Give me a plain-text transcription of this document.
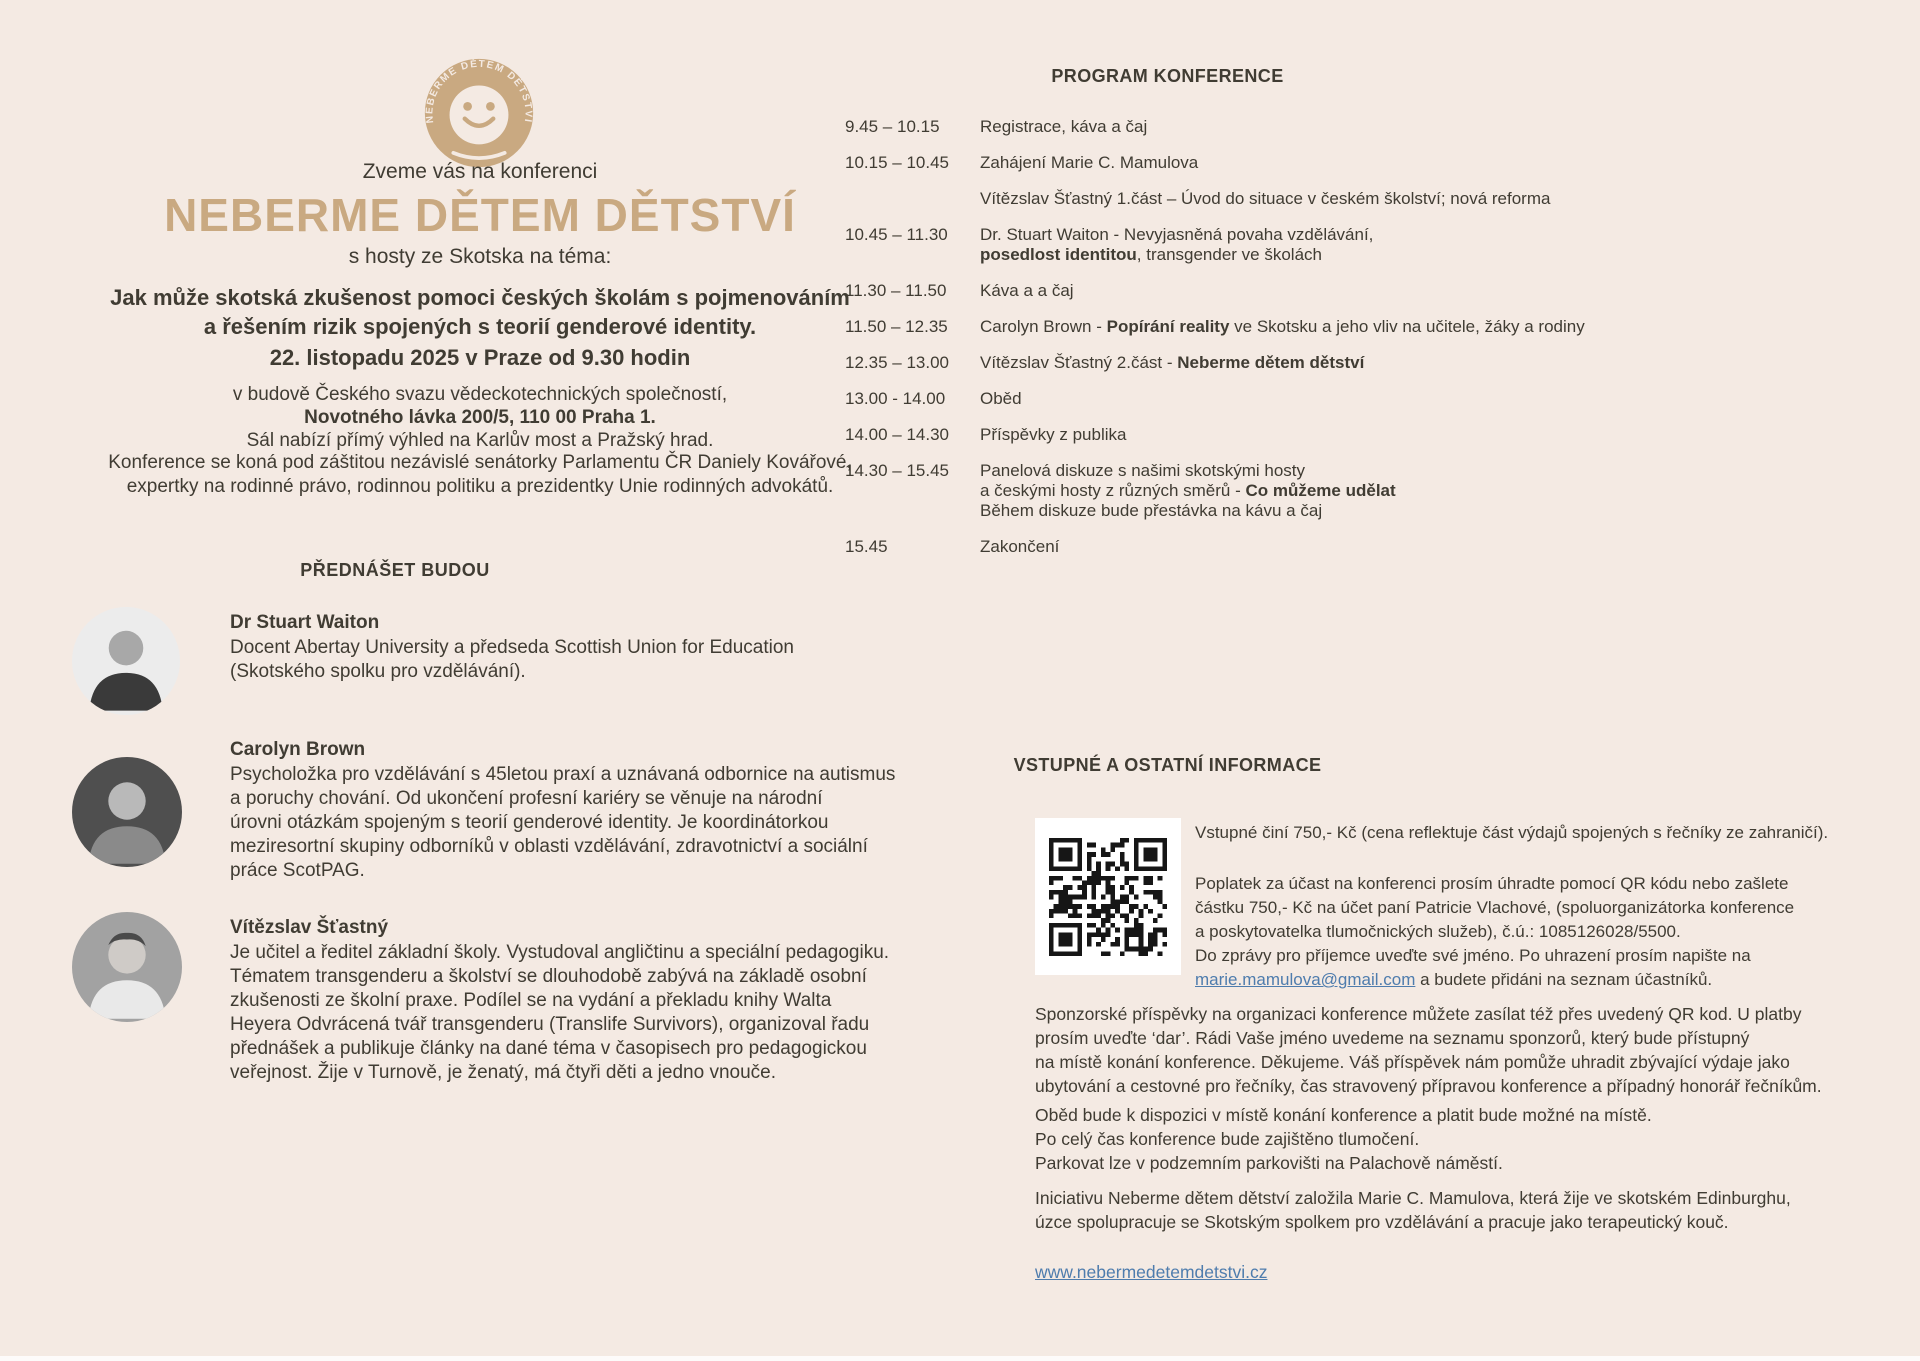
NEBERME DĚTEM DĚTSTVÍ
Zveme vás na konferenci
NEBERME DĚTEM DĚTSTVÍ
s hosty ze Skotska na téma:
Jak může skotská zkušenost pomoci českých školám s pojmenováním
a řešením rizik spojených s teorií genderové identity.
22. listopadu 2025 v Praze od 9.30 hodin
v budově Českého svazu vědeckotechnických společností,
Novotného lávka 200/5, 110 00 Praha 1.
Sál nabízí přímý výhled na Karlův most a Pražský hrad.
Konference se koná pod záštitou nezávislé senátorky Parlamentu ČR Daniely Kovářové,
expertky na rodinné právo, rodinnou politiku a prezidentky Unie rodinných advokátů.
PŘEDNÁŠET BUDOU
Dr Stuart Waiton
Docent Abertay University a předseda Scottish Union for Education
(Skotského spolku pro vzdělávání).
Carolyn Brown
Psycholožka pro vzdělávání s 45letou praxí a uznávaná odbornice na autismus
a poruchy chování. Od ukončení profesní kariéry se věnuje na národní
úrovni otázkám spojeným s teorií genderové identity. Je koordinátorkou
meziresortní skupiny odborníků v oblasti vzdělávání, zdravotnictví a sociální
práce ScotPAG.
Vítězslav Šťastný
Je učitel a ředitel základní školy. Vystudoval angličtinu a speciální pedagogiku.
Tématem transgenderu a školství se dlouhodobě zabývá na základě osobní
zkušenosti ze školní praxe. Podílel se na vydání a překladu knihy Walta
Heyera Odvrácená tvář transgenderu (Translife Survivors), organizoval řadu
přednášek a publikuje články na dané téma v časopisech pro pedagogickou
veřejnost. Žije v Turnově, je ženatý, má čtyři děti a jedno vnouče.
PROGRAM KONFERENCE
9.45 – 10.15	Registrace, káva a čaj
10.15 – 10.45	Zahájení Marie C. Mamulova
Vítězslav Šťastný 1.část – Úvod do situace v českém školství; nová reforma
10.45 – 11.30	Dr. Stuart Waiton - Nevyjasněná povaha vzdělávání,
posedlost identitou, transgender ve školách
11.30 – 11.50	Káva a a čaj
11.50 – 12.35	Carolyn Brown - Popírání reality ve Skotsku a jeho vliv na učitele, žáky a rodiny
12.35 – 13.00	Vítězslav Šťastný 2.část - Neberme dětem dětství
13.00 - 14.00	Oběd
14.00 – 14.30	Příspěvky z publika
14.30 – 15.45	Panelová diskuze s našimi skotskými hosty
a českými hosty z různých směrů - Co můžeme udělat
Během diskuze bude přestávka na kávu a čaj
15.45	Zakončení
VSTUPNÉ A OSTATNÍ INFORMACE
Vstupné činí 750,- Kč (cena reflektuje část výdajů spojených s řečníky ze zahraničí).
Poplatek za účast na konferenci prosím úhradte pomocí QR kódu nebo zašlete
částku 750,- Kč na účet paní Patricie Vlachové, (spoluorganizátorka konference
a poskytovatelka tlumočnických služeb), č.ú.: 1085126028/5500.
Do zprávy pro příjemce uveďte své jméno. Po uhrazení prosím napište na
marie.mamulova@gmail.com a budete přidáni na seznam účastníků.
Sponzorské příspěvky na organizaci konference můžete zasílat též přes uvedený QR kod. U platby
prosím uveďte ‘dar’. Rádi Vaše jméno uvedeme na seznamu sponzorů, který bude přístupný
na místě konání konference. Děkujeme. Váš příspěvek nám pomůže uhradit zbývající výdaje jako
ubytování a cestovné pro řečníky, čas stravovený přípravou konference a případný honorář řečníkům.
Oběd bude k dispozici v místě konání konference a platit bude možné na místě.
Po celý čas konference bude zajištěno tlumočení.
Parkovat lze v podzemním parkovišti na Palachově náměstí.
Iniciativu Neberme dětem dětství založila Marie C. Mamulova, která žije ve skotském Edinburghu,
úzce spolupracuje se Skotským spolkem pro vzdělávání a pracuje jako terapeutický kouč.
www.nebermedetemdetstvi.cz
